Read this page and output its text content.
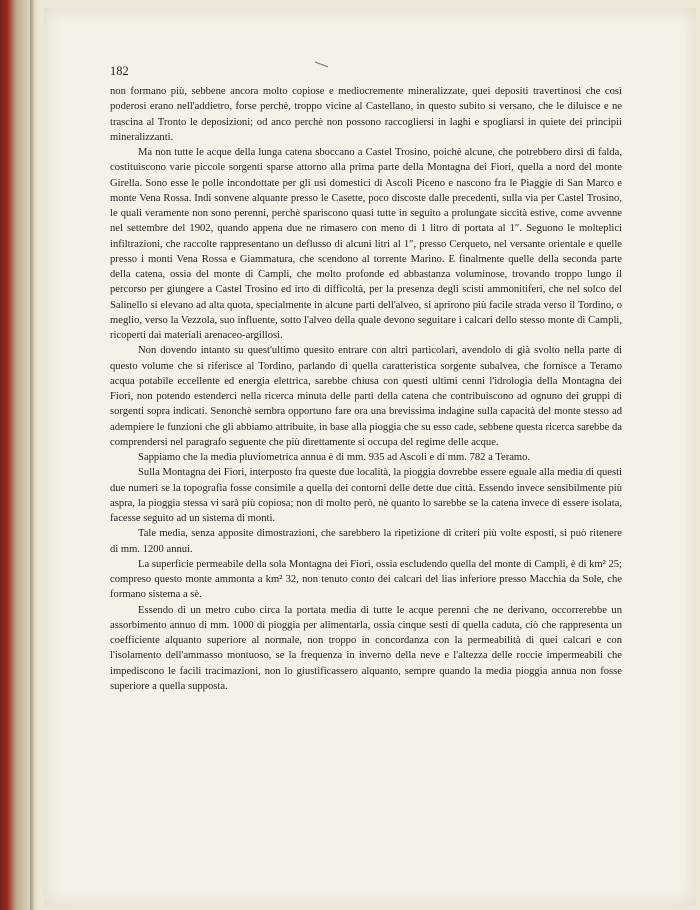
182

non formano più, sebbene ancora molto copiose e mediocremente mineralizzate, quei depositi travertinosi che così poderosi erano nell'addietro, forse perchè, troppo vicine al Castellano, in questo subito si versano, che le diluisce e ne trascina al Tronto le deposizioni; od anco perchè non possono raccogliersi in laghi e spogliarsi in quiete dei principii mineralizzanti.

Ma non tutte le acque della lunga catena sboccano a Castel Trosino, poichè alcune, che potrebbero dirsi di falda, costituiscono varie piccole sorgenti sparse attorno alla prima parte della Montagna dei Fiori, quella a nord del monte Girella. Sono esse le polle incondottate per gli usi domestici di Ascoli Piceno e nascono fra le Piaggie di San Marco e monte Vena Rossa. Indi sonvene alquante presso le Casette, poco discoste dalle precedenti, sulla via per Castel Trosino, le quali veramente non sono perenni, perchè spariscono quasi tutte in seguito a prolungate siccità estive, come avvenne nel settembre del 1902, quando appena due ne rimasero con meno di 1 litro di portata al 1″. Seguono le molteplici infiltrazioni, che raccolte rappresentano un deflusso di alcuni litri al 1″, presso Cerqueto, nel versante orientale e quelle presso i monti Vena Rossa e Giammatura, che scendono al torrente Marino. E finalmente quelle della seconda parte della catena, ossia del monte di Campli, che molto profonde ed abbastanza voluminose, trovando troppo lungo il percorso per giungere a Castel Trosino ed irto di difficoltà, per la presenza degli scisti ammonitiferi, che nel solco del Salinello si elevano ad alta quota, specialmente in alcune parti dell'alveo, si aprirono più facile strada verso il Tordino, o meglio, verso la Vezzola, suo influente, sotto l'alveo della quale devono seguitare i calcari dello stesso monte di Campli, ricoperti dai materiali arenaceo-argillosi.

Non dovendo intanto su quest'ultimo quesito entrare con altri particolari, avendolo di già svolto nella parte di questo volume che si riferisce al Tordino, parlando di quella caratteristica sorgente subalvea, che fornisce a Teramo acqua potabile eccellente ed energia elettrica, sarebbe chiusa con questi ultimi cenni l'idrologia della Montagna dei Fiori, non potendo estenderci nella ricerca minuta delle parti della catena che contribuiscono ad ognuno dei gruppi di sorgenti sopra indicati. Senonchè sembra opportuno fare ora una brevissima indagine sulla capacità del monte stesso ad adempiere le funzioni che gli abbiamo attribuite, in base alla pioggia che su esso cade, sebbene questa ricerca sarebbe da comprendersi nel paragrafo seguente che più direttamente si occupa del regime delle acque.

Sappiamo che la media pluviometrica annua è di mm. 935 ad Ascoli e di mm. 782 a Teramo.

Sulla Montagna dei Fiori, interposto fra queste due località, la pioggia dovrebbe essere eguale alla media di questi due numeri se la topografia fosse consimile a quella dei contorni delle dette due città. Essendo invece sensibilmente più aspra, la pioggia stessa vi sarà più copiosa; non di molto però, nè quanto lo sarebbe se la catena invece di essere isolata, facesse seguito ad un sistema di monti.

Tale media, senza apposite dimostrazioni, che sarebbero la ripetizione di criteri più volte esposti, si può ritenere di mm. 1200 annui.

La superficie permeabile della sola Montagna dei Fiori, ossia escludendo quella del monte di Campli, è di km² 25; compreso questo monte ammonta a km² 32, non tenuto conto dei calcari del lias inferiore presso Macchia da Sole, che formano sistema a sè.

Essendo di un metro cubo circa la portata media di tutte le acque perenni che ne derivano, occorrerebbe un assorbimento annuo di mm. 1000 di pioggia per alimentarla, ossia cinque sesti di quella caduta, ciò che rappresenta un coefficiente alquanto superiore al normale, non troppo in concordanza con la permeabilità di quei calcari e con l'isolamento dell'ammasso montuoso, se la frequenza in inverno della neve e l'altezza delle roccie impermeabili che impediscono le facili tracimazioni, non lo giustificassero alquanto, sempre quando la media pioggia annua non fosse superiore a quella supposta.
